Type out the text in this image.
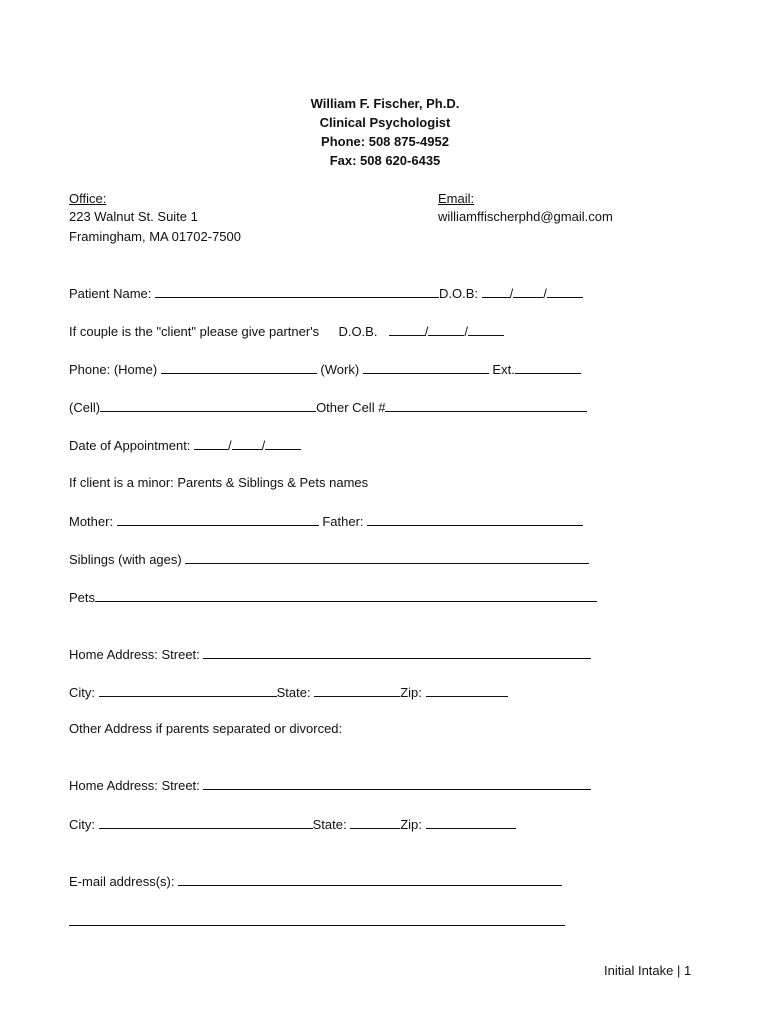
William F. Fischer, Ph.D.
Clinical Psychologist
Phone: 508 875-4952
Fax: 508 620-6435
Office:
223 Walnut St. Suite 1
Framingham, MA 01702-7500
Email:
williamffischerphd@gmail.com
Patient Name:	D.O.B: / /
If couple is the "client" please give partner's D.O.B.	/	/
Phone: (Home)	(Work)	Ext.
(Cell)	Other Cell #
Date of Appointment:	/ /
If client is a minor: Parents & Siblings & Pets names
Mother:	Father:
Siblings (with ages)
Pets
Home Address: Street:
City:	State:	Zip:
Other Address if parents separated or divorced:
Home Address: Street:
City:	State:	Zip:
E-mail address(s):
Initial Intake | 1
